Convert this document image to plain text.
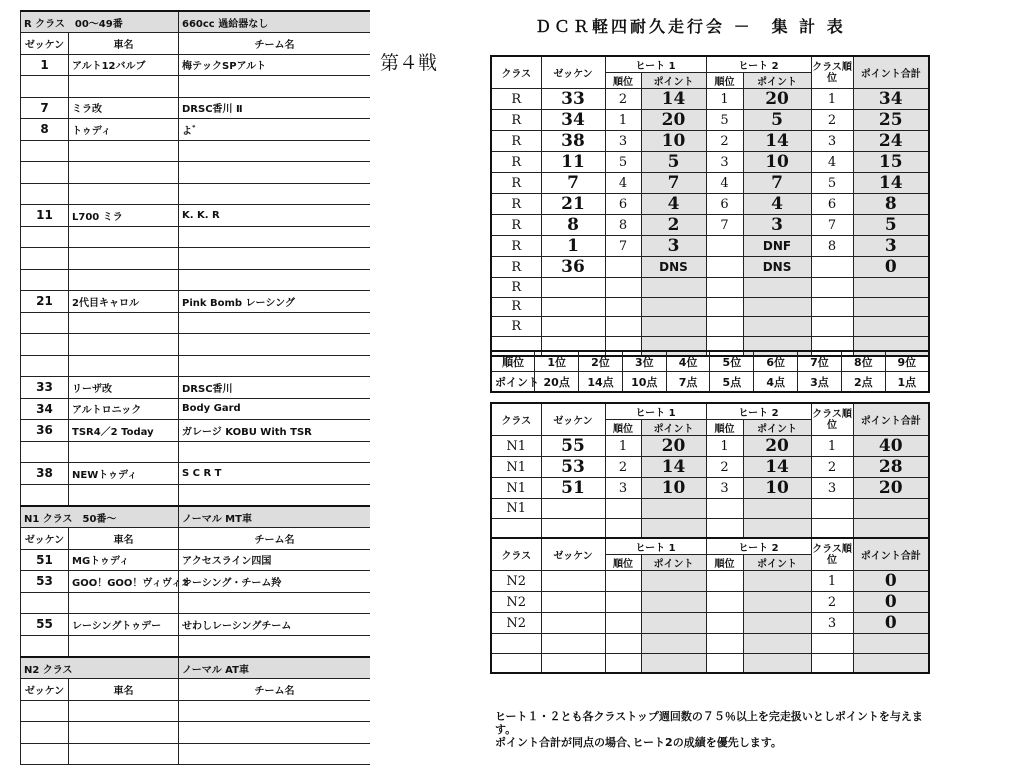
第４戦
ＤＣＲ軽四耐久走行会 －　集 計 表
R クラス　00〜49番		660cc 過給器なし
ゼッケン	車名	チーム名
1	アルト12バルブ	梅テックSPアルト

7	ミラ改	DRSC香川 Ⅱ
8	トゥディ	よ゛

11	L700 ミラ	K. K. R

21	2代目キャロル	Pink Bomb レーシング

33	リーザ改	DRSC香川
34	アルトロニック	Body Gard
36	TSR4／2 Today	ガレージ KOBU With TSR

38	NEWトゥディ	S C R T

N1 クラス　50番〜		ノーマル MT車
ゼッケン	車名	チーム名
51	MGトゥディ	アクセスライン四国
53	GOO！GOO！ヴィヴィオ	レーシング・チーム羚

55	レーシングトゥデー	せわしレーシングチーム

N2 クラス		ノーマル AT車
ゼッケン	車名	チーム名

クラス	ゼッケン	ヒート 1		ヒート 2		クラス順位	ポイント合計
		順位	ポイント	順位	ポイント		
R	33	2	14	1	20	1	34
R	34	1	20	5	5	2	25
R	38	3	10	2	14	3	24
R	11	5	5	3	10	4	15
R	7	4	7	4	7	5	14
R	21	6	4	6	4	6	8
R	8	8	2	7	3	7	5
R	1	7	3		DNF	8	3
R	36		DNS		DNS		0
R							
R							
R							

順位	1位	2位	3位	4位	5位	6位	7位	8位	9位
ポイント	20点	14点	10点	7点	5点	4点	3点	2点	1点
クラス	ゼッケン	ヒート 1		ヒート 2		クラス順位	ポイント合計
		順位	ポイント	順位	ポイント		
N1	55	1	20	1	20	1	40
N1	53	2	14	2	14	2	28
N1	51	3	10	3	10	3	20
N1							

クラス	ゼッケン	ヒート 1		ヒート 2		クラス順位	ポイント合計
		順位	ポイント	順位	ポイント		
N2						1	0
N2						2	0
N2						3	0

ヒート１・２とも各クラストップ週回数の７５％以上を完走扱いとしポイントを与えます。
ポイント合計が同点の場合､ヒート2の成績を優先します。
